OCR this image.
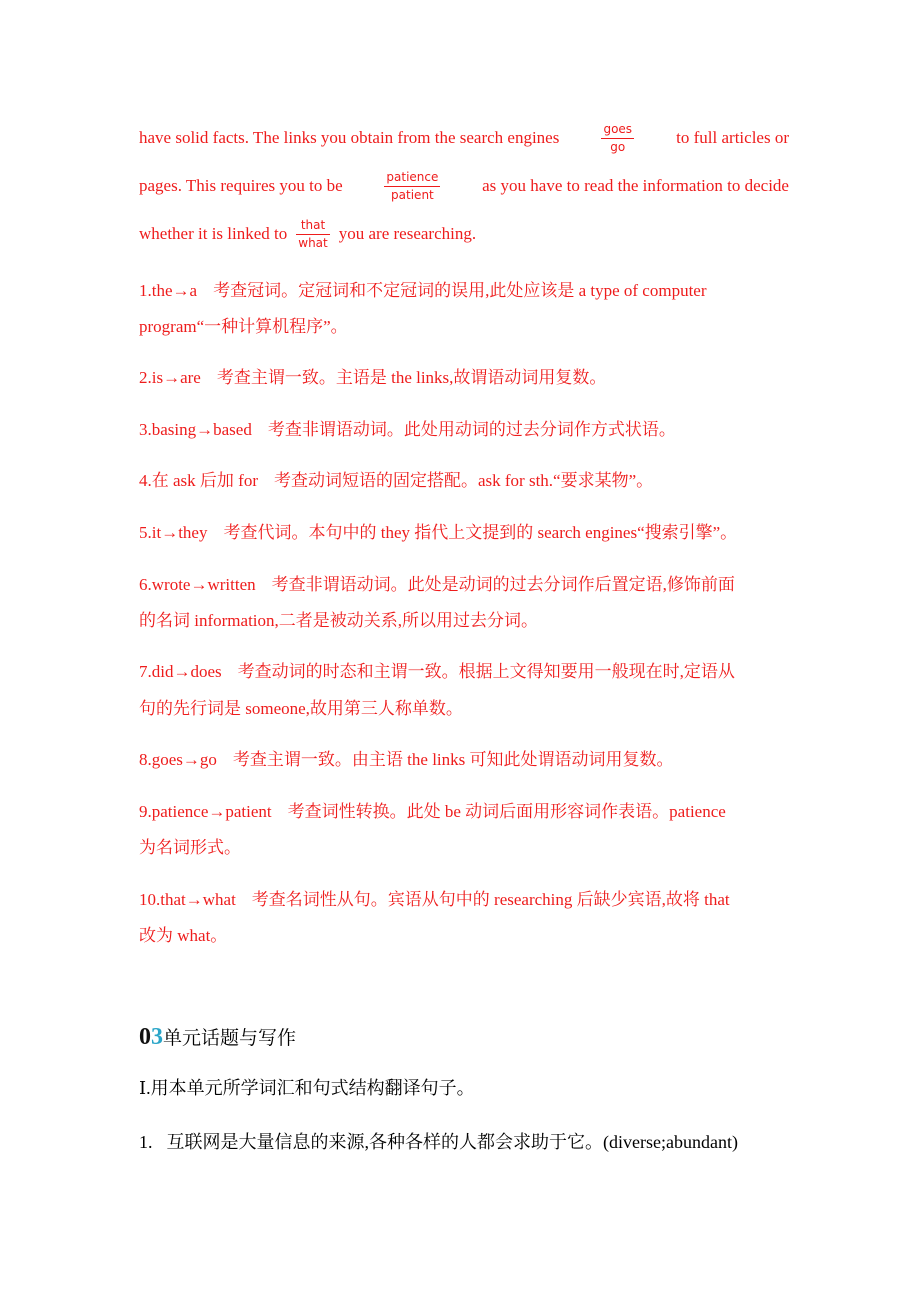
have solid facts. The links you obtain from the search engines	$\frac{\text{goes}}{go}$ to full articles or
pages. This requires you to be	$\frac{\text{patience}}{\text{patient}}$ as you have to read the information to decide
whether it is linked to $\frac{\text{that}}{\text{what}}$ you are researching.
1.the→a 考查冠词。定冠词和不定冠词的误用,此处应该是 a type of computer
program“一种计算机程序”。
2.is→are 考查主谓一致。主语是 the links,故谓语动词用复数。
3.basing→based 考查非谓语动词。此处用动词的过去分词作方式状语。
4.在 ask 后加 for 考查动词短语的固定搭配。ask for sth.“要求某物”。
5.it→they 考查代词。本句中的 they 指代上文提到的 search engines“搜索引擎”。
6.wrote→written 考查非谓语动词。此处是动词的过去分词作后置定语,修饰前面
的名词 information,二者是被动关系,所以用过去分词。
7.did→does 考查动词的时态和主谓一致。根据上文得知要用一般现在时,定语从
句的先行词是 someone,故用第三人称单数。
8.goes→go 考查主谓一致。由主语 the links 可知此处谓语动词用复数。
9.patience→patient 考查词性转换。此处 be 动词后面用形容词作表语。patience
为名词形式。
10.that→what 考查名词性从句。宾语从句中的 researching 后缺少宾语,故将 that
改为 what。
03单元话题与写作
Ⅰ.用本单元所学词汇和句式结构翻译句子。
1. 互联网是大量信息的来源,各种各样的人都会求助于它。(diverse;abundant)
